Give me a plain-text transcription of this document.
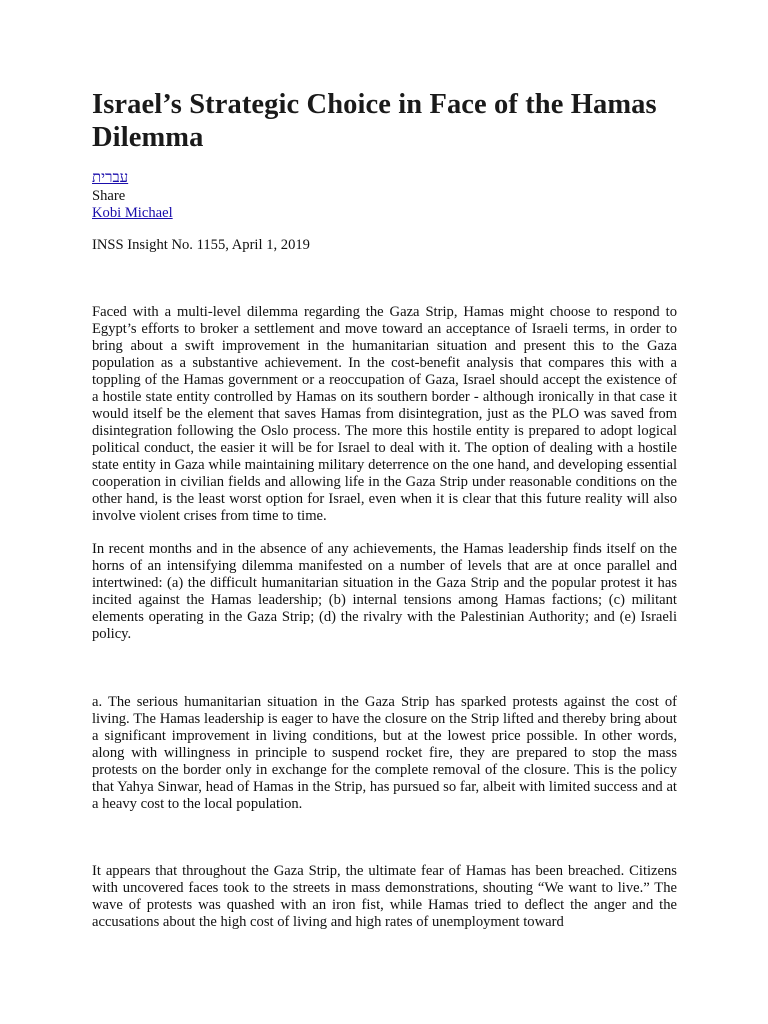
Israel’s Strategic Choice in Face of the Hamas Dilemma
עברית
Share
Kobi Michael
INSS Insight No. 1155, April 1, 2019

Faced with a multi-level dilemma regarding the Gaza Strip, Hamas might choose to respond to Egypt’s efforts to broker a settlement and move toward an acceptance of Israeli terms, in order to bring about a swift improvement in the humanitarian situation and present this to the Gaza population as a substantive achievement. In the cost-benefit analysis that compares this with a toppling of the Hamas government or a reoccupation of Gaza, Israel should accept the existence of a hostile state entity controlled by Hamas on its southern border - although ironically in that case it would itself be the element that saves Hamas from disintegration, just as the PLO was saved from disintegration following the Oslo process. The more this hostile entity is prepared to adopt logical political conduct, the easier it will be for Israel to deal with it. The option of dealing with a hostile state entity in Gaza while maintaining military deterrence on the one hand, and developing essential cooperation in civilian fields and allowing life in the Gaza Strip under reasonable conditions on the other hand, is the least worst option for Israel, even when it is clear that this future reality will also involve violent crises from time to time.

In recent months and in the absence of any achievements, the Hamas leadership finds itself on the horns of an intensifying dilemma manifested on a number of levels that are at once parallel and intertwined: (a) the difficult humanitarian situation in the Gaza Strip and the popular protest it has incited against the Hamas leadership; (b) internal tensions among Hamas factions; (c) militant elements operating in the Gaza Strip; (d) the rivalry with the Palestinian Authority; and (e) Israeli policy.

a. The serious humanitarian situation in the Gaza Strip has sparked protests against the cost of living. The Hamas leadership is eager to have the closure on the Strip lifted and thereby bring about a significant improvement in living conditions, but at the lowest price possible. In other words, along with willingness in principle to suspend rocket fire, they are prepared to stop the mass protests on the border only in exchange for the complete removal of the closure. This is the policy that Yahya Sinwar, head of Hamas in the Strip, has pursued so far, albeit with limited success and at a heavy cost to the local population.

It appears that throughout the Gaza Strip, the ultimate fear of Hamas has been breached. Citizens with uncovered faces took to the streets in mass demonstrations, shouting “We want to live.” The wave of protests was quashed with an iron fist, while Hamas tried to deflect the anger and the accusations about the high cost of living and high rates of unemployment toward
